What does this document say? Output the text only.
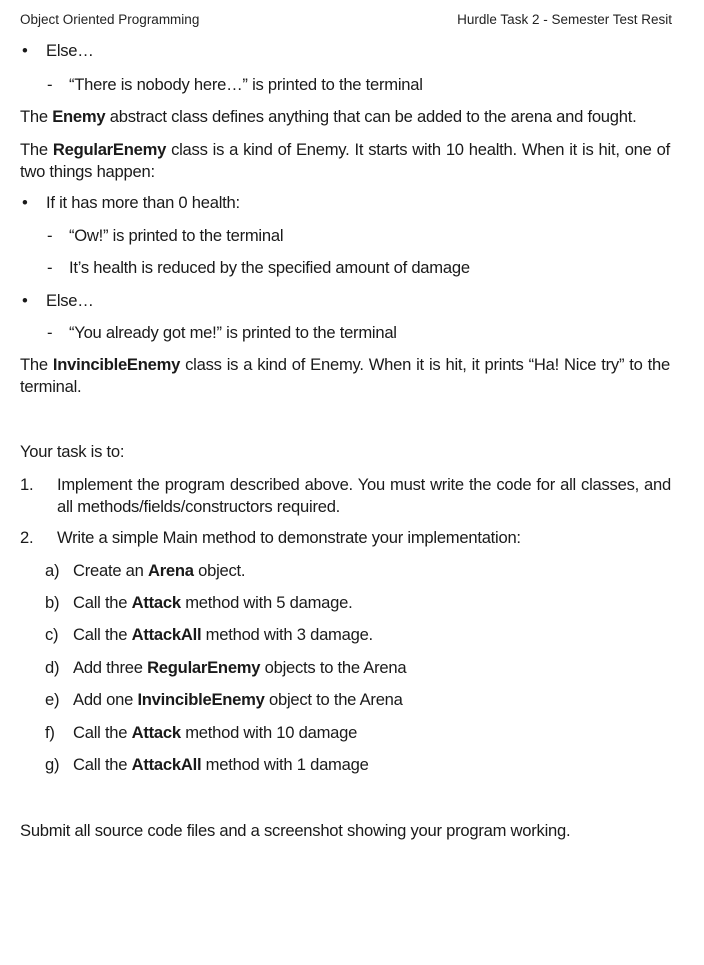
Object Oriented Programming	Hurdle Task 2 - Semester Test Resit
• Else…
- “There is nobody here…” is printed to the terminal
The Enemy abstract class defines anything that can be added to the arena and fought.
The RegularEnemy class is a kind of Enemy. It starts with 10 health. When it is hit, one of two things happen:
• If it has more than 0 health:
- “Ow!” is printed to the terminal
- It’s health is reduced by the specified amount of damage
• Else…
- “You already got me!” is printed to the terminal
The InvincibleEnemy class is a kind of Enemy. When it is hit, it prints “Ha! Nice try” to the terminal.
Your task is to:
1.	Implement the program described above. You must write the code for all classes, and all methods/fields/constructors required.
2.	Write a simple Main method to demonstrate your implementation:
a) Create an Arena object.
b) Call the Attack method with 5 damage.
c) Call the AttackAll method with 3 damage.
d) Add three RegularEnemy objects to the Arena
e) Add one InvincibleEnemy object to the Arena
f) Call the Attack method with 10 damage
g) Call the AttackAll method with 1 damage
Submit all source code files and a screenshot showing your program working.
